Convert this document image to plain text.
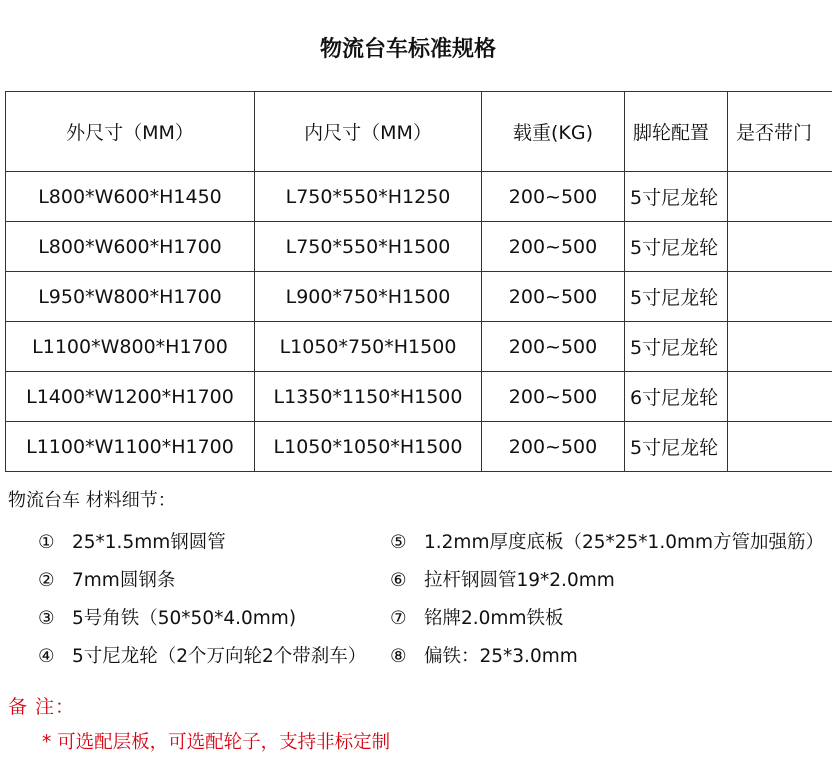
物流台车标准规格
外尺寸（MM）	内尺寸（MM）	载重(KG)	脚轮配置	是否带门
L800*W600*H1450	L750*550*H1250	200~500	5寸尼龙轮	
L800*W600*H1700	L750*550*H1500	200~500	5寸尼龙轮	
L950*W800*H1700	L900*750*H1500	200~500	5寸尼龙轮	
L1100*W800*H1700	L1050*750*H1500	200~500	5寸尼龙轮	
L1400*W1200*H1700	L1350*1150*H1500	200~500	6寸尼龙轮	
L1100*W1100*H1700	L1050*1050*H1500	200~500	5寸尼龙轮	
物流台车 材料细节：
① 25*1.5mm钢圆管
② 7mm圆钢条
③ 5号角铁（50*50*4.0mm)
④ 5寸尼龙轮（2个万向轮2个带刹车）
⑤ 1.2mm厚度底板（25*25*1.0mm方管加强筋）
⑥ 拉杆钢圆管19*2.0mm
⑦ 铭牌2.0mm铁板
⑧ 偏铁：25*3.0mm
备 注：
* 可选配层板，可选配轮子，支持非标定制
